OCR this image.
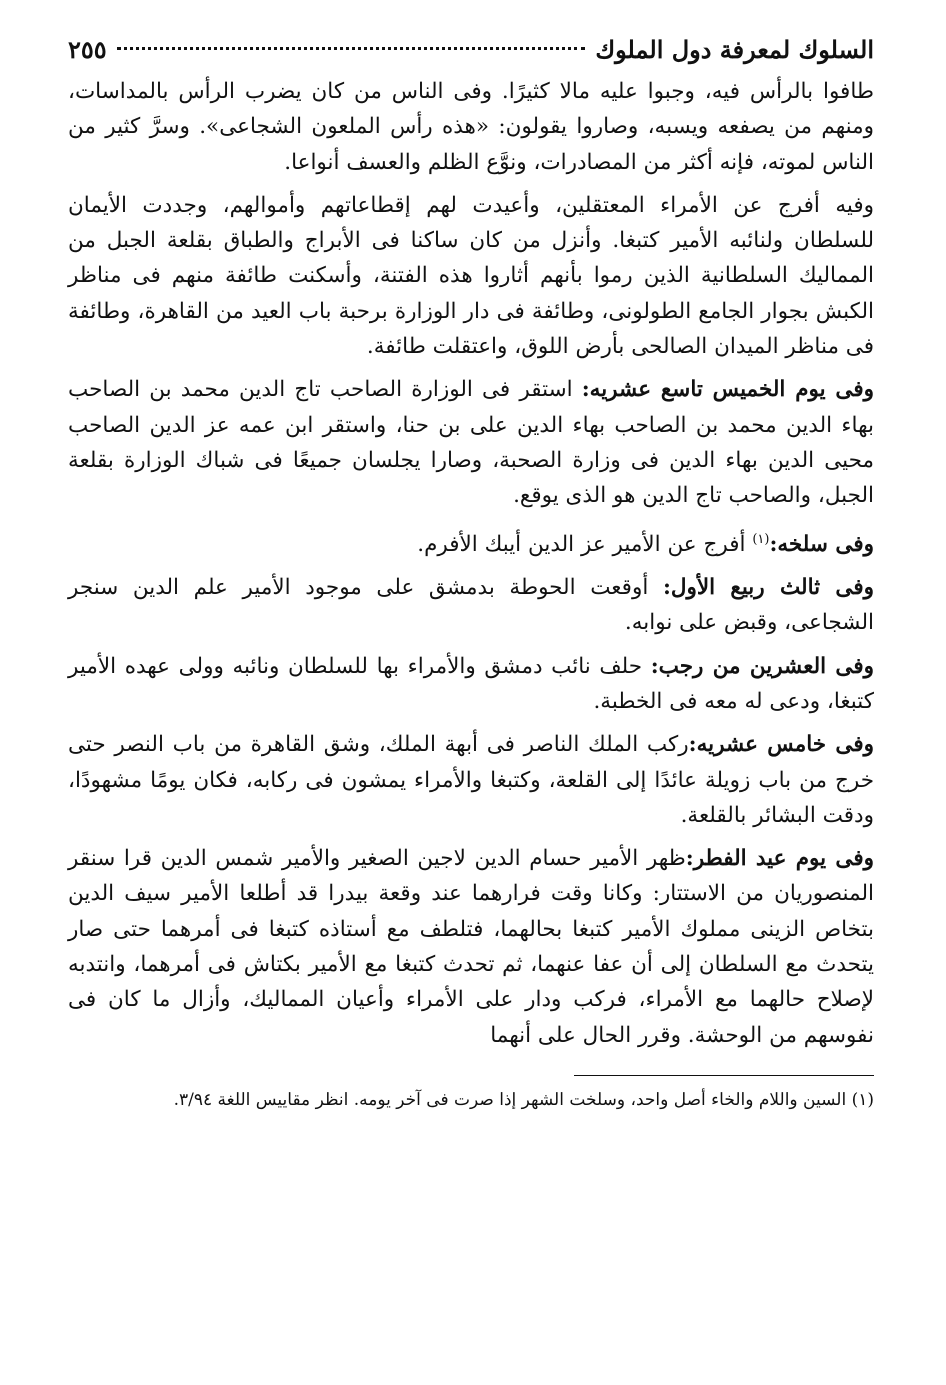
السلوك لمعرفة دول الملوك
٢٥٥

طافوا بالرأس فيه، وجبوا عليه مالا كثيرًا. وفى الناس من كان يضرب الرأس بالمداسات، ومنهم من يصفعه ويسبه، وصاروا يقولون: «هذه رأس الملعون الشجاعى». وسرَّ كثير من الناس لموته، فإنه أكثر من المصادرات، ونوَّع الظلم والعسف أنواعا.

وفيه أفرج عن الأمراء المعتقلين، وأعيدت لهم إقطاعاتهم وأموالهم، وجددت الأيمان للسلطان ولنائبه الأمير كتبغا. وأنزل من كان ساكنا فى الأبراج والطباق بقلعة الجبل من المماليك السلطانية الذين رموا بأنهم أثاروا هذه الفتنة، وأسكنت طائفة منهم فى مناظر الكبش بجوار الجامع الطولونى، وطائفة فى دار الوزارة برحبة باب العيد من القاهرة، وطائفة فى مناظر الميدان الصالحى بأرض اللوق، واعتقلت طائفة.

وفى يوم الخميس تاسع عشريه: استقر فى الوزارة الصاحب تاج الدين محمد بن الصاحب بهاء الدين محمد بن الصاحب بهاء الدين على بن حنا، واستقر ابن عمه عز الدين الصاحب محيى الدين بهاء الدين فى وزارة الصحبة، وصارا يجلسان جميعًا فى شباك الوزارة بقلعة الجبل، والصاحب تاج الدين هو الذى يوقع.

وفى سلخه:$^{(١)}$ أفرج عن الأمير عز الدين أيبك الأفرم.

وفى ثالث ربيع الأول: أوقعت الحوطة بدمشق على موجود الأمير علم الدين سنجر الشجاعى، وقبض على نوابه.

وفى العشرين من رجب: حلف نائب دمشق والأمراء بها للسلطان ونائبه وولى عهده الأمير كتبغا، ودعى له معه فى الخطبة.

وفى خامس عشريه:ركب الملك الناصر فى أبهة الملك، وشق القاهرة من باب النصر حتى خرج من باب زويلة عائدًا إلى القلعة، وكتبغا والأمراء يمشون فى ركابه، فكان يومًا مشهودًا، ودقت البشائر بالقلعة.

وفى يوم عيد الفطر:ظهر الأمير حسام الدين لاجين الصغير والأمير شمس الدين قرا سنقر المنصوريان من الاستتار: وكانا وقت فرارهما عند وقعة بيدرا قد أطلعا الأمير سيف الدين بتخاص الزينى مملوك الأمير كتبغا بحالهما، فتلطف مع أستاذه كتبغا فى أمرهما حتى صار يتحدث مع السلطان إلى أن عفا عنهما، ثم تحدث كتبغا مع الأمير بكتاش فى أمرهما، وانتدبه لإصلاح حالهما مع الأمراء، فركب ودار على الأمراء وأعيان المماليك، وأزال ما كان فى نفوسهم من الوحشة. وقرر الحال على أنهما

(١) السين واللام والخاء أصل واحد، وسلخت الشهر إذا صرت فى آخر يومه. انظر مقاييس اللغة ٣/٩٤.
